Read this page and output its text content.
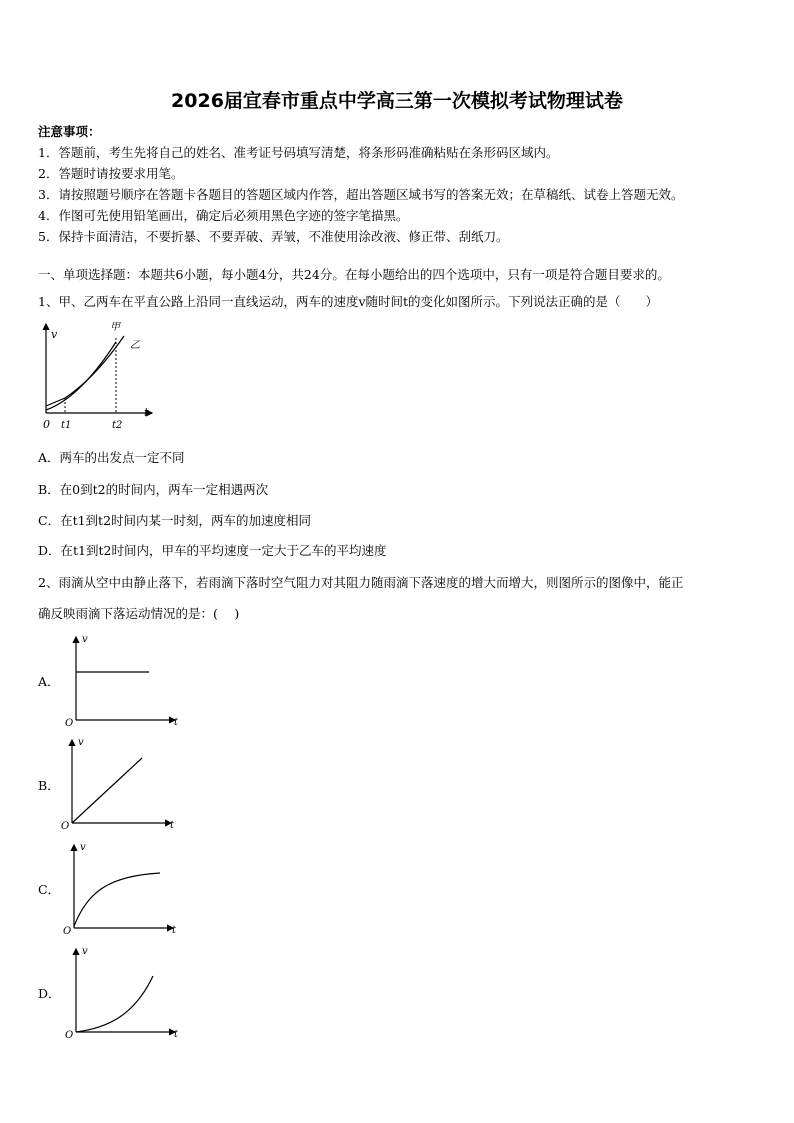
2026届宜春市重点中学高三第一次模拟考试物理试卷
注意事项：
1．答题前，考生先将自己的姓名、准考证号码填写清楚，将条形码准确粘贴在条形码区域内。
2．答题时请按要求用笔。
3．请按照题号顺序在答题卡各题目的答题区域内作答，超出答题区域书写的答案无效；在草稿纸、试卷上答题无效。
4．作图可先使用铅笔画出，确定后必须用黑色字迹的签字笔描黑。
5．保持卡面清洁，不要折暴、不要弄破、弄皱，不准使用涂改液、修正带、刮纸刀。
一、单项选择题：本题共6小题，每小题4分，共24分。在每小题给出的四个选项中，只有一项是符合题目要求的。
1、甲、乙两车在平直公路上沿同一直线运动，两车的速度v随时间t的变化如图所示。下列说法正确的是（　　）
v
t
0 t1	t2
甲
乙
A．两车的出发点一定不同
B．在0到t2的时间内，两车一定相遇两次
C．在t1到t2时间内某一时刻，两车的加速度相同
D．在t1到t2时间内，甲车的平均速度一定大于乙车的平均速度
2、雨滴从空中由静止落下，若雨滴下落时空气阻力对其阻力随雨滴下落速度的增大而增大，则图所示的图像中，能正
确反映雨滴下落运动情况的是：(　 )
A．
v
t
O
B．
v
t
O
C．
v
t
O
D．
v
t
O
